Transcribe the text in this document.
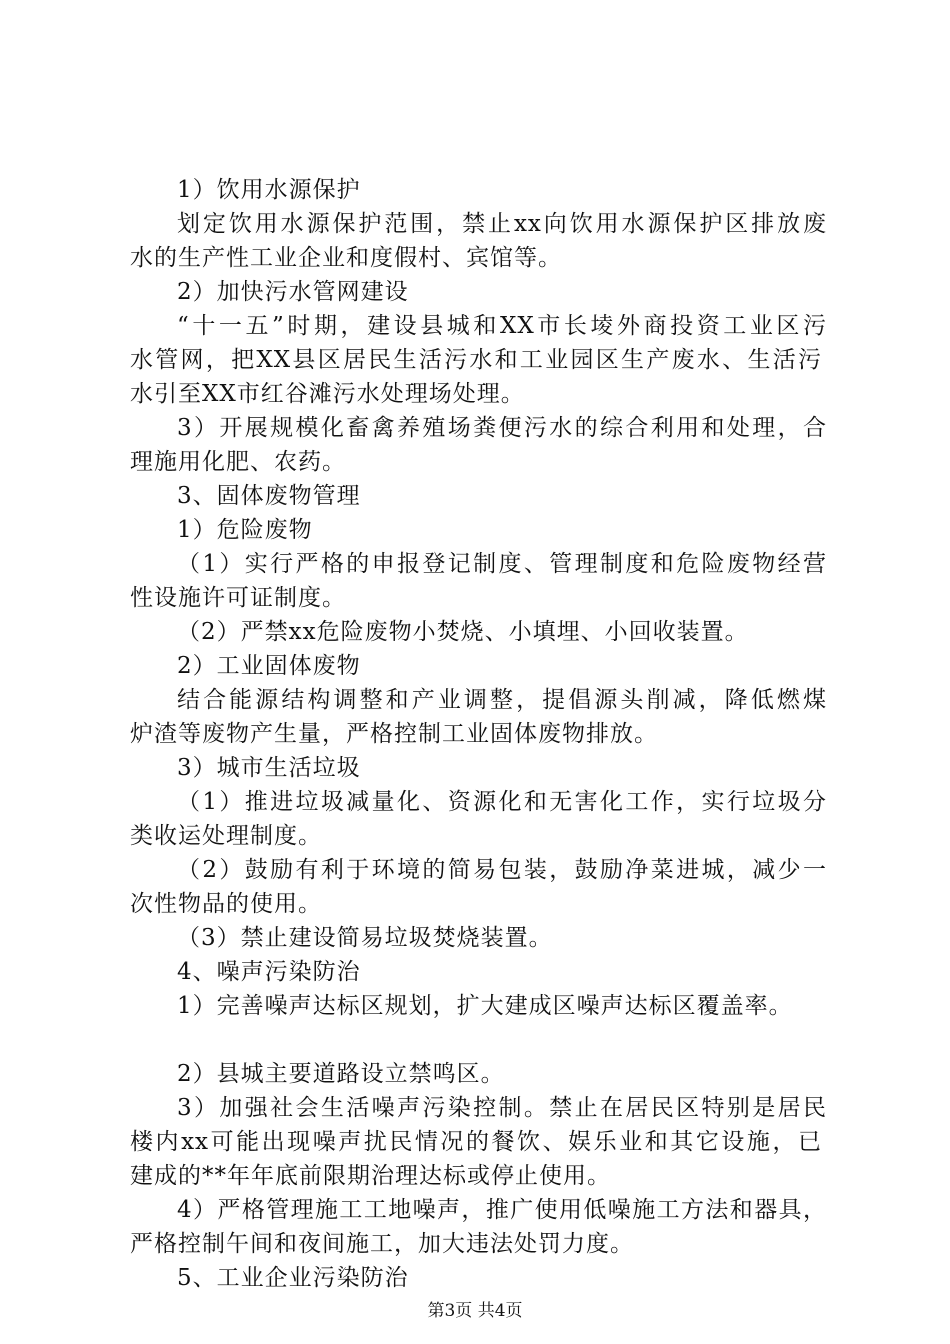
1）饮用水源保护
划定饮用水源保护范围，禁止xx向饮用水源保护区排放废
水的生产性工业企业和度假村、宾馆等。
2）加快污水管网建设
“十一五”时期，建设县城和XX市长堎外商投资工业区污
水管网，把XX县区居民生活污水和工业园区生产废水、生活污
水引至XX市红谷滩污水处理场处理。
3）开展规模化畜禽养殖场粪便污水的综合利用和处理，合
理施用化肥、农药。
3、固体废物管理
1）危险废物
（1）实行严格的申报登记制度、管理制度和危险废物经营
性设施许可证制度。
（2）严禁xx危险废物小焚烧、小填埋、小回收装置。
2）工业固体废物
结合能源结构调整和产业调整，提倡源头削减，降低燃煤
炉渣等废物产生量，严格控制工业固体废物排放。
3）城市生活垃圾
（1）推进垃圾减量化、资源化和无害化工作，实行垃圾分
类收运处理制度。
（2）鼓励有利于环境的简易包装，鼓励净菜进城，减少一
次性物品的使用。
（3）禁止建设简易垃圾焚烧装置。
4、噪声污染防治
1）完善噪声达标区规划，扩大建成区噪声达标区覆盖率。
2）县城主要道路设立禁鸣区。
3）加强社会生活噪声污染控制。禁止在居民区特别是居民
楼内xx可能出现噪声扰民情况的餐饮、娱乐业和其它设施，已
建成的**年年底前限期治理达标或停止使用。
4）严格管理施工工地噪声，推广使用低噪施工方法和器具，
严格控制午间和夜间施工，加大违法处罚力度。
5、工业企业污染防治
第3页 共4页
